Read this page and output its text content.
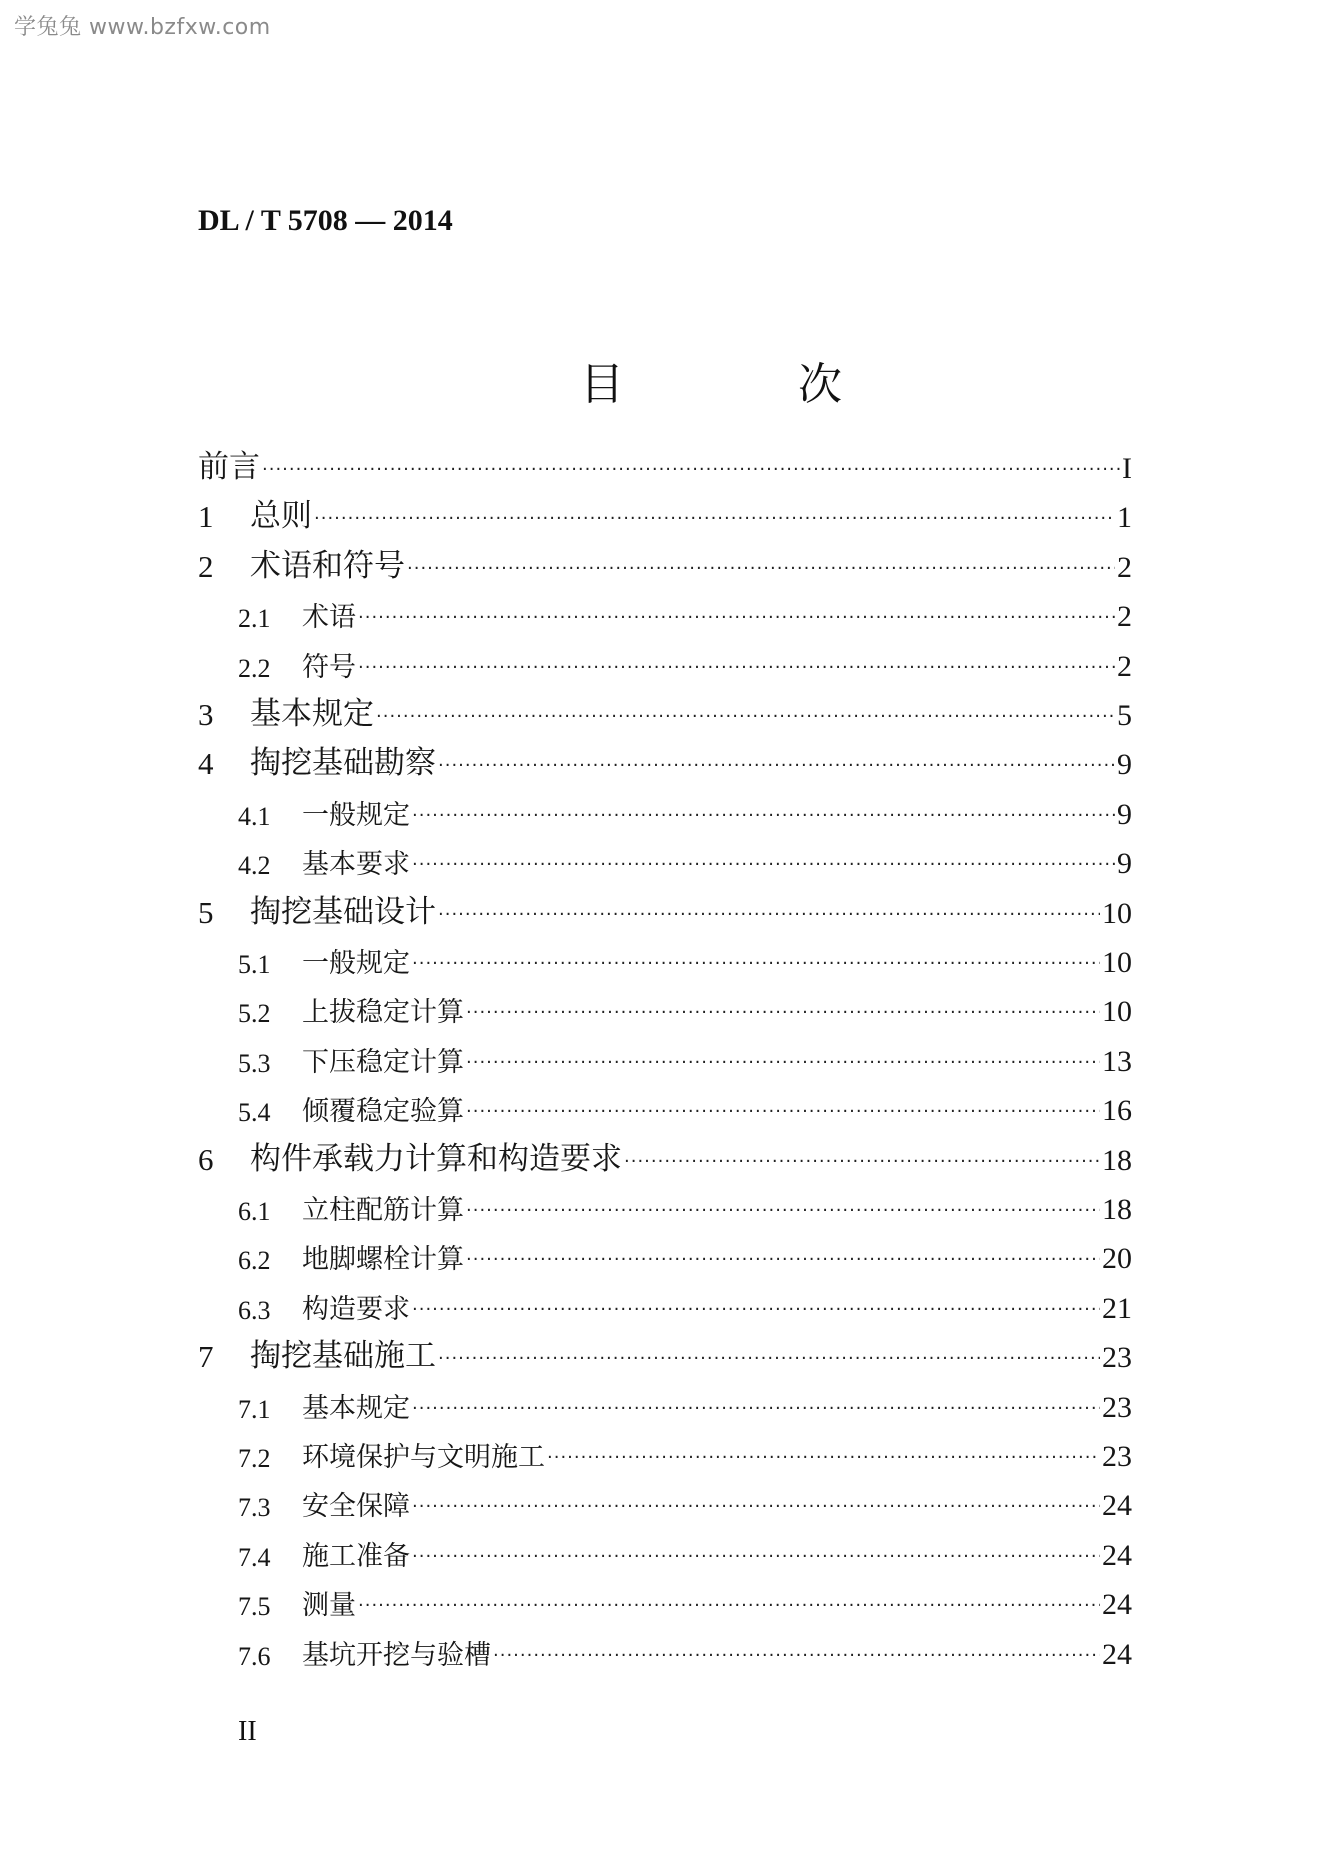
学兔兔 www.bzfxw.com
DL / T 5708 — 2014
目 次
前言 ·····	I
1	总则 ·····	1
2	术语和符号 ·····	2
2.1	术语 ·····	2
2.2	符号 ·····	2
3	基本规定 ·····	5
4	掏挖基础勘察 ·····	9
4.1	一般规定 ·····	9
4.2	基本要求 ·····	9
5	掏挖基础设计 ·····	10
5.1	一般规定 ·····	10
5.2	上拔稳定计算 ·····	10
5.3	下压稳定计算 ·····	13
5.4	倾覆稳定验算 ·····	16
6	构件承载力计算和构造要求 ·····	18
6.1	立柱配筋计算 ·····	18
6.2	地脚螺栓计算 ·····	20
6.3	构造要求 ·····	21
7	掏挖基础施工 ·····	23
7.1	基本规定 ·····	23
7.2	环境保护与文明施工 ·····	23
7.3	安全保障 ·····	24
7.4	施工准备 ·····	24
7.5	测量 ·····	24
7.6	基坑开挖与验槽 ·····	24
II
